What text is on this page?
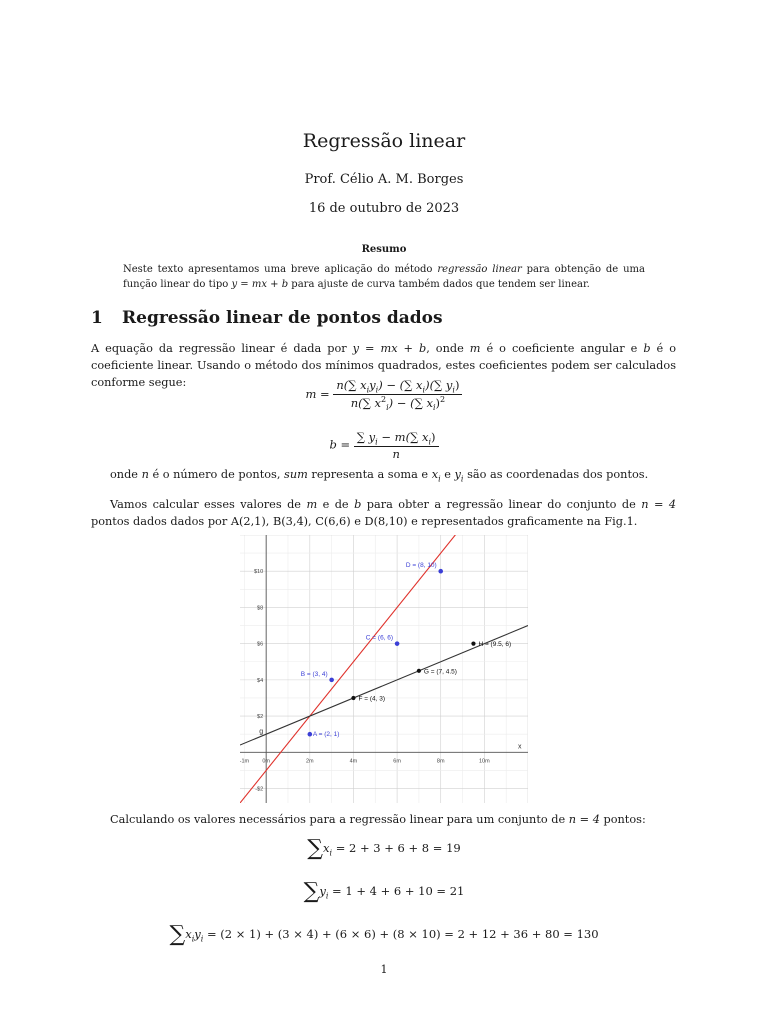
Regressão linear
Prof. Célio A. M. Borges
16 de outubro de 2023
Resumo
Neste texto apresentamos uma breve aplicação do método regressão linear para obtenção de uma função linear do tipo y = mx + b para ajuste de curva também dados que tendem ser linear.
1 Regressão linear de pontos dados
A equação da regressão linear é dada por y = mx + b, onde m é o coeficiente angular e b é o coeficiente linear. Usando o método dos mínimos quadrados, estes coeficientes podem ser calculados conforme segue:
$m = \frac{n(\sum x_iy_i) - (\sum x_i)(\sum y_i)}{n(\sum x^2_i) - (\sum x_i)^2}$
$b = \frac{\sum y_i - m(\sum x_i)}{n}$
onde n é o número de pontos, sum representa a soma e $x_i$ e $y_i$ são as coordenadas dos pontos.
Vamos calcular esses valores de m e de b para obter a regressão linear do conjunto de n = 4 pontos dados dados por A(2,1), B(3,4), C(6,6) e D(8,10) e representados graficamente na Fig.1.
x
-1m 0m	2m	4m	6m	8m	10m
-$2
$2
$4
$6
$8
$10
g	A = (2, 1)
B = (3, 4)
C = (6, 6)
D = (8, 10)
F = (4, 3)
G = (7, 4.5)
H = (9.5, 6)
Calculando os valores necessários para a regressão linear para um conjunto de n = 4 pontos:
$\sum x_i = 2 + 3 + 6 + 8 = 19$
$\sum y_i = 1 + 4 + 6 + 10 = 21$
$\sum x_iy_i = (2 \times 1) + (3 \times 4) + (6 \times 6) + (8 \times 10) = 2 + 12 + 36 + 80 = 130$
1
